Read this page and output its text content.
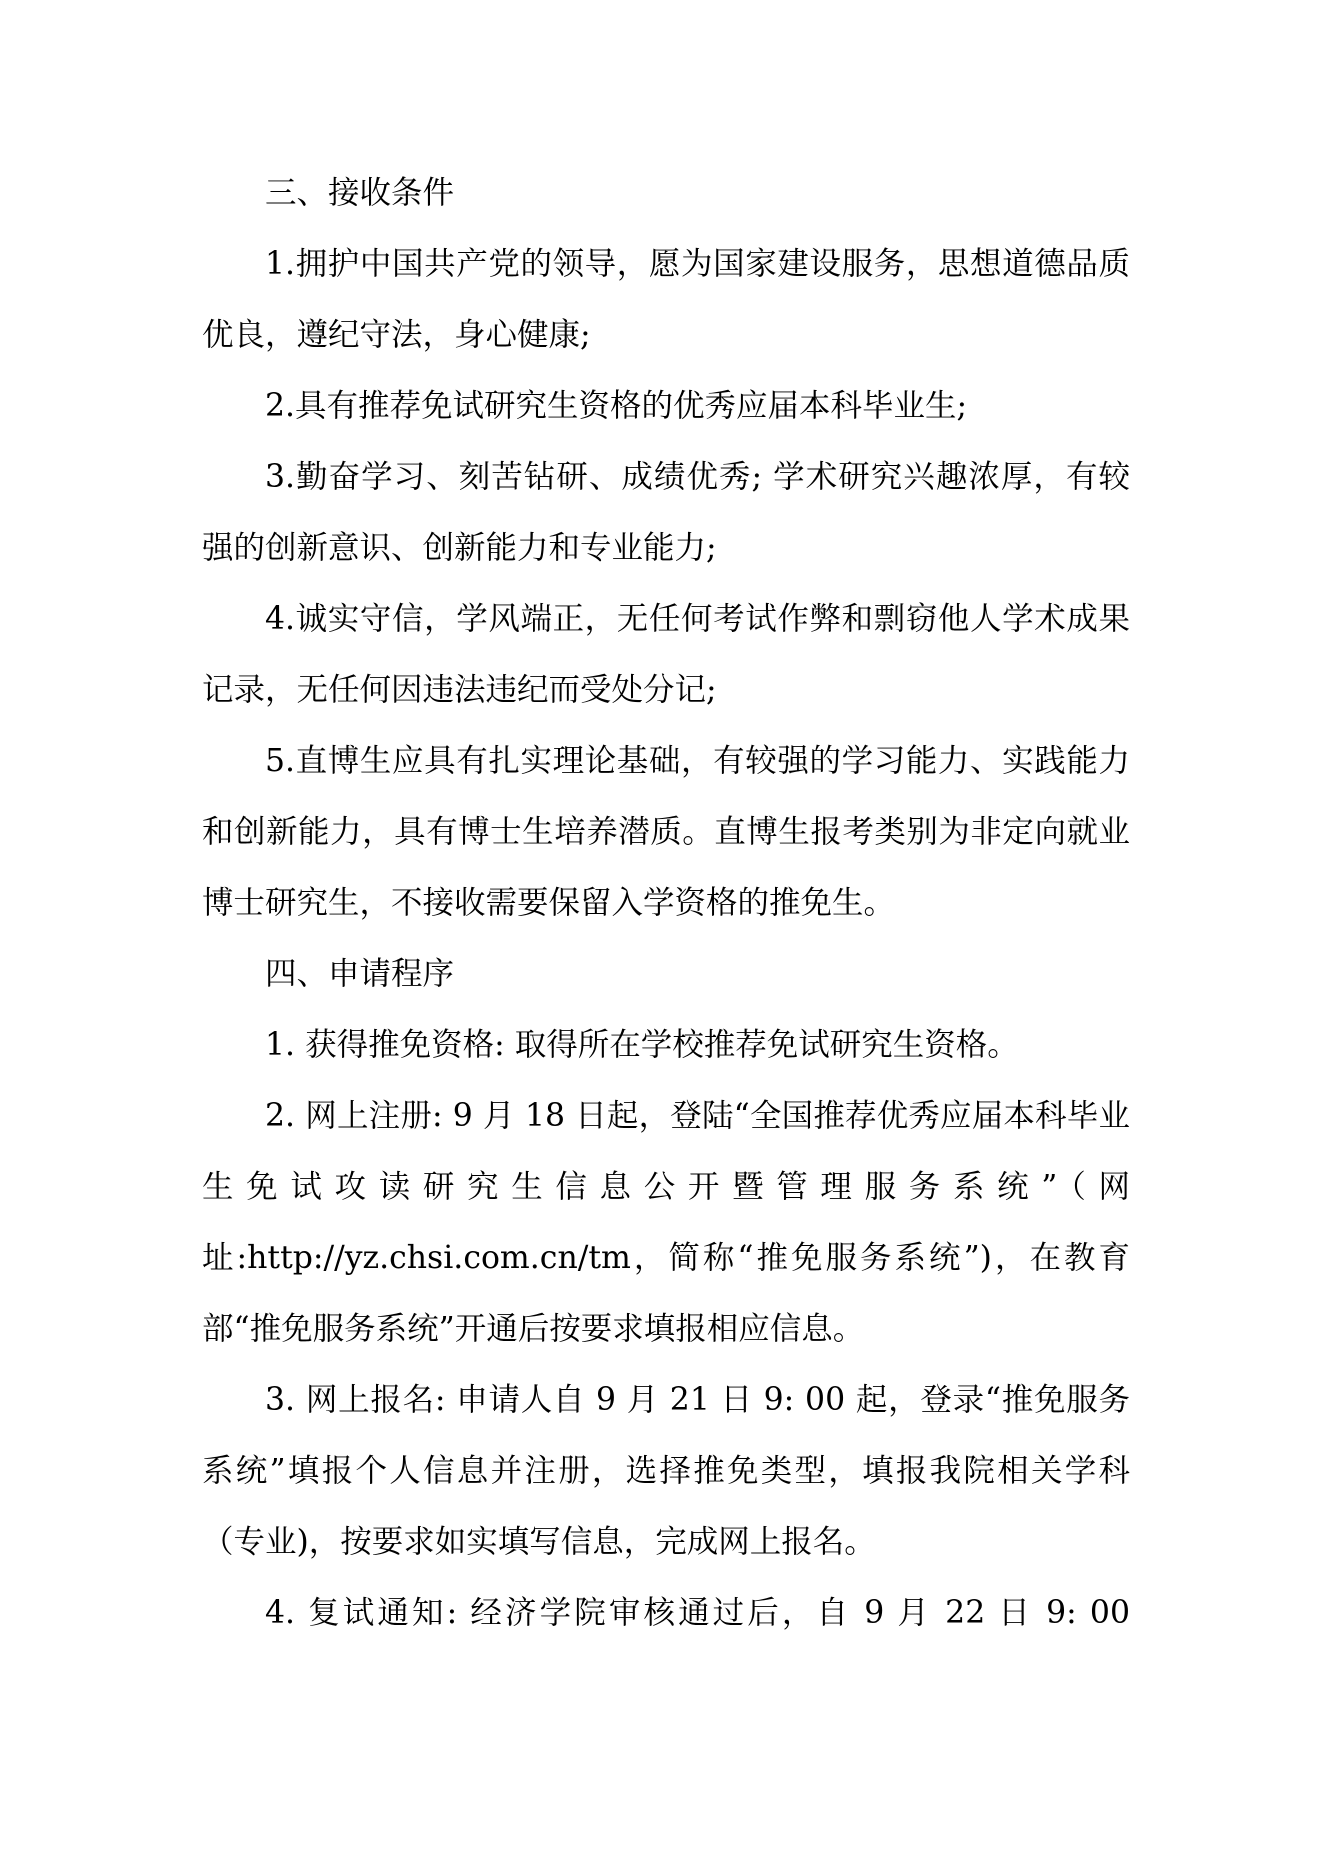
三、接收条件

1.拥护中国共产党的领导，愿为国家建设服务，思想道德品质优良，遵纪守法，身心健康;

2.具有推荐免试研究生资格的优秀应届本科毕业生;

3.勤奋学习、刻苦钻研、成绩优秀; 学术研究兴趣浓厚，有较强的创新意识、创新能力和专业能力;

4.诚实守信，学风端正，无任何考试作弊和剽窃他人学术成果记录，无任何因违法违纪而受处分记;

5.直博生应具有扎实理论基础，有较强的学习能力、实践能力和创新能力，具有博士生培养潜质。直博生报考类别为非定向就业博士研究生，不接收需要保留入学资格的推免生。

四、申请程序

1. 获得推免资格: 取得所在学校推荐免试研究生资格。

2. 网上注册: 9 月 18 日起，登陆“全国推荐优秀应届本科毕业生免试攻读研究生信息公开暨管理服务系统”（网址:http://yz.chsi.com.cn/tm，简称“推免服务系统”)，在教育部“推免服务系统”开通后按要求填报相应信息。

3. 网上报名: 申请人自 9 月 21 日 9: 00 起，登录“推免服务系统”填报个人信息并注册，选择推免类型，填报我院相关学科（专业)，按要求如实填写信息，完成网上报名。

4. 复试通知: 经济学院审核通过后，自 9 月 22 日 9: 00
